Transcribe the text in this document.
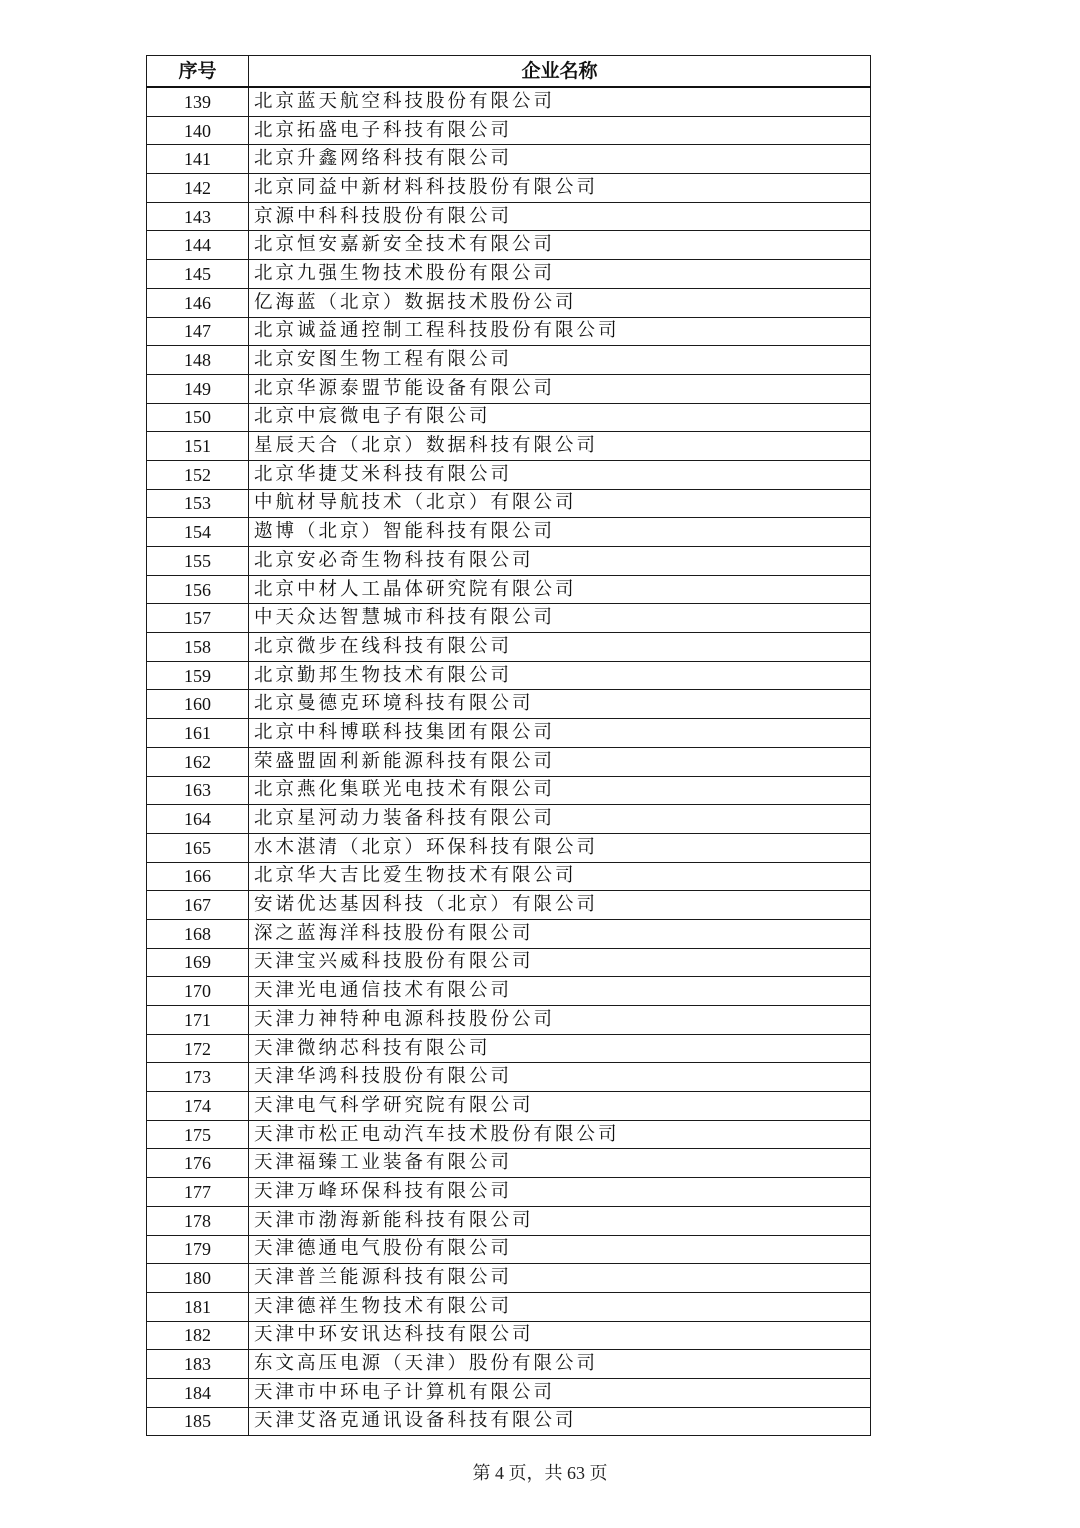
序号	企业名称
139	北京蓝天航空科技股份有限公司
140	北京拓盛电子科技有限公司
141	北京升鑫网络科技有限公司
142	北京同益中新材料科技股份有限公司
143	京源中科科技股份有限公司
144	北京恒安嘉新安全技术有限公司
145	北京九强生物技术股份有限公司
146	亿海蓝（北京）数据技术股份公司
147	北京诚益通控制工程科技股份有限公司
148	北京安图生物工程有限公司
149	北京华源泰盟节能设备有限公司
150	北京中宸微电子有限公司
151	星辰天合（北京）数据科技有限公司
152	北京华捷艾米科技有限公司
153	中航材导航技术（北京）有限公司
154	遨博（北京）智能科技有限公司
155	北京安必奇生物科技有限公司
156	北京中材人工晶体研究院有限公司
157	中天众达智慧城市科技有限公司
158	北京微步在线科技有限公司
159	北京勤邦生物技术有限公司
160	北京曼德克环境科技有限公司
161	北京中科博联科技集团有限公司
162	荣盛盟固利新能源科技有限公司
163	北京燕化集联光电技术有限公司
164	北京星河动力装备科技有限公司
165	水木湛清（北京）环保科技有限公司
166	北京华大吉比爱生物技术有限公司
167	安诺优达基因科技（北京）有限公司
168	深之蓝海洋科技股份有限公司
169	天津宝兴威科技股份有限公司
170	天津光电通信技术有限公司
171	天津力神特种电源科技股份公司
172	天津微纳芯科技有限公司
173	天津华鸿科技股份有限公司
174	天津电气科学研究院有限公司
175	天津市松正电动汽车技术股份有限公司
176	天津福臻工业装备有限公司
177	天津万峰环保科技有限公司
178	天津市渤海新能科技有限公司
179	天津德通电气股份有限公司
180	天津普兰能源科技有限公司
181	天津德祥生物技术有限公司
182	天津中环安讯达科技有限公司
183	东文高压电源（天津）股份有限公司
184	天津市中环电子计算机有限公司
185	天津艾洛克通讯设备科技有限公司
第 4 页，共 63 页
